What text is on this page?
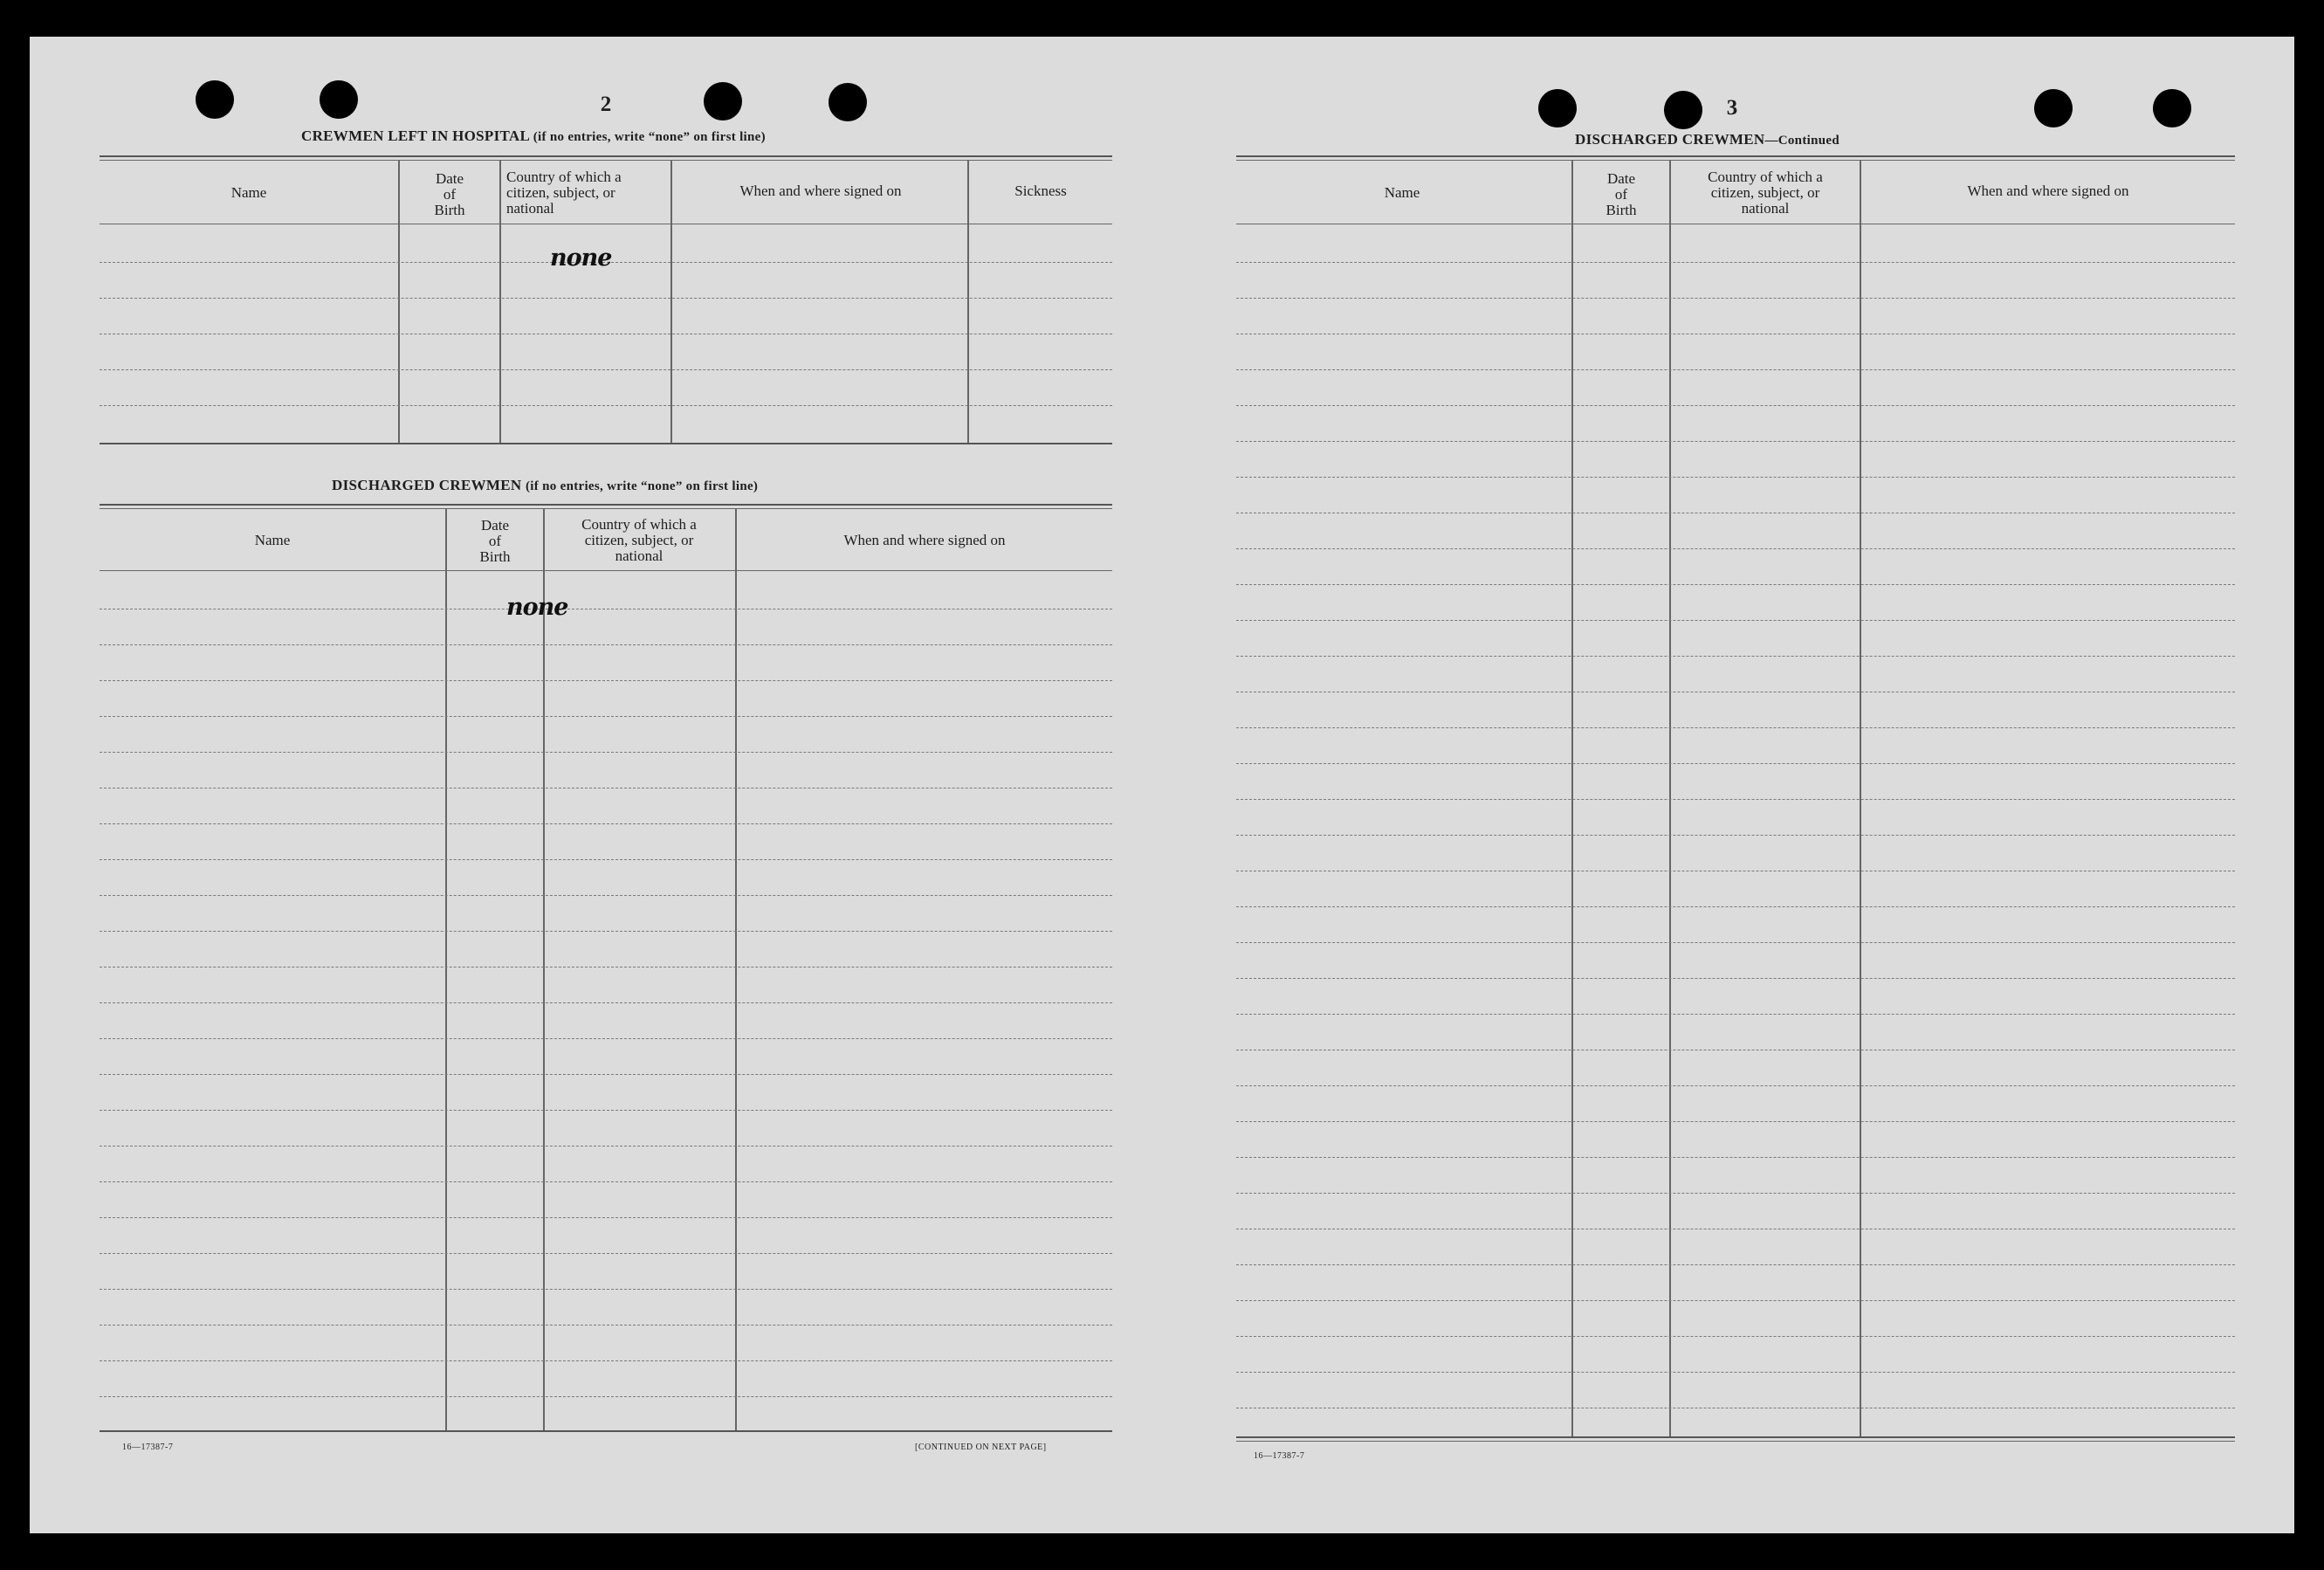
2
CREWMEN LEFT IN HOSPITAL (if no entries, write “none” on first line)
Name
Date
of
Birth
Country of which a
citizen, subject, or
national
When and where signed on	Sickness
none
DISCHARGED CREWMEN (if no entries, write “none” on first line)
Name
Date
of
Birth
Country of which a
citizen, subject, or
national
When and where signed on
none
16—17387-7	[CONTINUED ON NEXT PAGE]
3
DISCHARGED CREWMEN—Continued
Name
Date
of
Birth
Country of which a
citizen, subject, or
national
When and where signed on
16—17387-7
